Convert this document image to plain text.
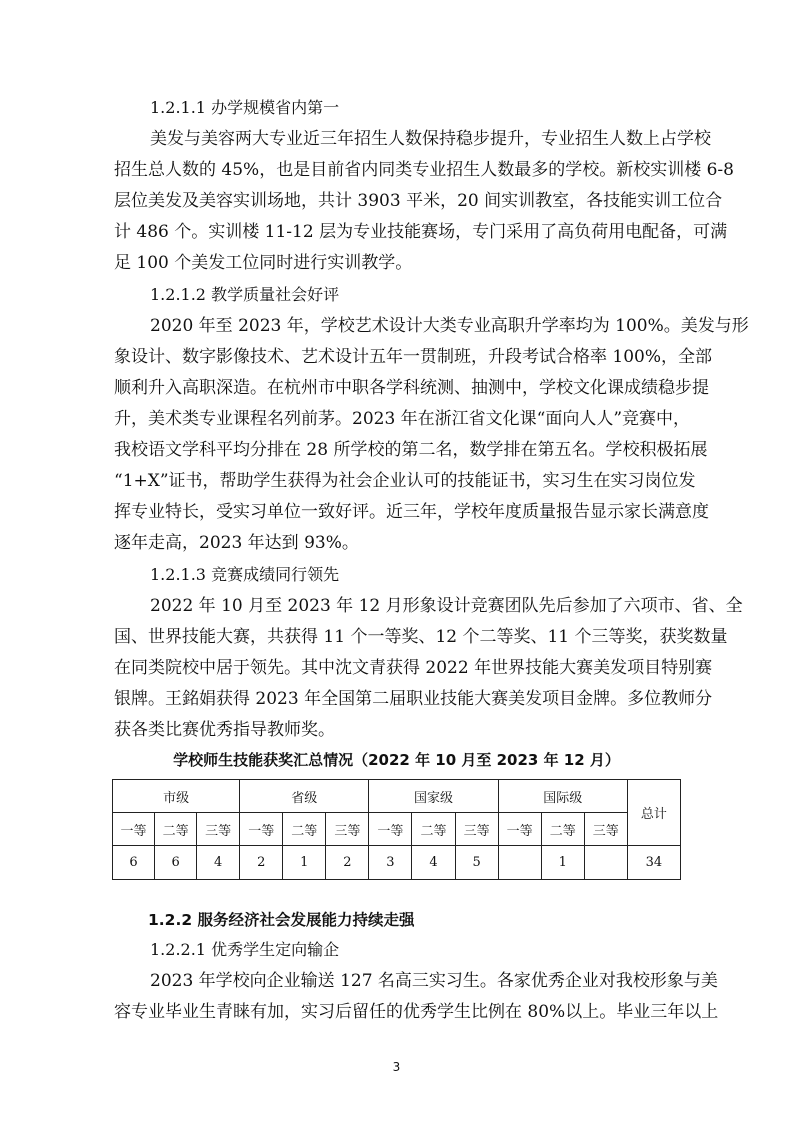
1.2.1.1 办学规模省内第一
美发与美容两大专业近三年招生人数保持稳步提升，专业招生人数上占学校
招生总人数的 45%，也是目前省内同类专业招生人数最多的学校。新校实训楼 6-8
层位美发及美容实训场地，共计 3903 平米，20 间实训教室，各技能实训工位合
计 486 个。实训楼 11-12 层为专业技能赛场，专门采用了高负荷用电配备，可满
足 100 个美发工位同时进行实训教学。
1.2.1.2 教学质量社会好评
2020 年至 2023 年，学校艺术设计大类专业高职升学率均为 100%。美发与形
象设计、数字影像技术、艺术设计五年一贯制班，升段考试合格率 100%，全部
顺利升入高职深造。在杭州市中职各学科统测、抽测中，学校文化课成绩稳步提
升，美术类专业课程名列前茅。2023 年在浙江省文化课“面向人人”竞赛中，
我校语文学科平均分排在 28 所学校的第二名，数学排在第五名。学校积极拓展
“1+X”证书，帮助学生获得为社会企业认可的技能证书，实习生在实习岗位发
挥专业特长，受实习单位一致好评。近三年，学校年度质量报告显示家长满意度
逐年走高，2023 年达到 93%。
1.2.1.3 竞赛成绩同行领先
2022 年 10 月至 2023 年 12 月形象设计竞赛团队先后参加了六项市、省、全
国、世界技能大赛，共获得 11 个一等奖、12 个二等奖、11 个三等奖，获奖数量
在同类院校中居于领先。其中沈文青获得 2022 年世界技能大赛美发项目特别赛
银牌。王銘娟获得 2023 年全国第二届职业技能大赛美发项目金牌。多位教师分
获各类比赛优秀指导教师奖。
学校师生技能获奖汇总情况（2022 年 10 月至 2023 年 12 月）
市级			省级			国家级			国际级			总计
一等	二等	三等	一等	二等	三等	一等	二等	三等	一等	二等	三等	
6	6	4	2	1	2	3	4	5		1		34
1.2.2 服务经济社会发展能力持续走强
1.2.2.1 优秀学生定向输企
2023 年学校向企业输送 127 名高三实习生。各家优秀企业对我校形象与美
容专业毕业生青睐有加，实习后留任的优秀学生比例在 80%以上。毕业三年以上
3
